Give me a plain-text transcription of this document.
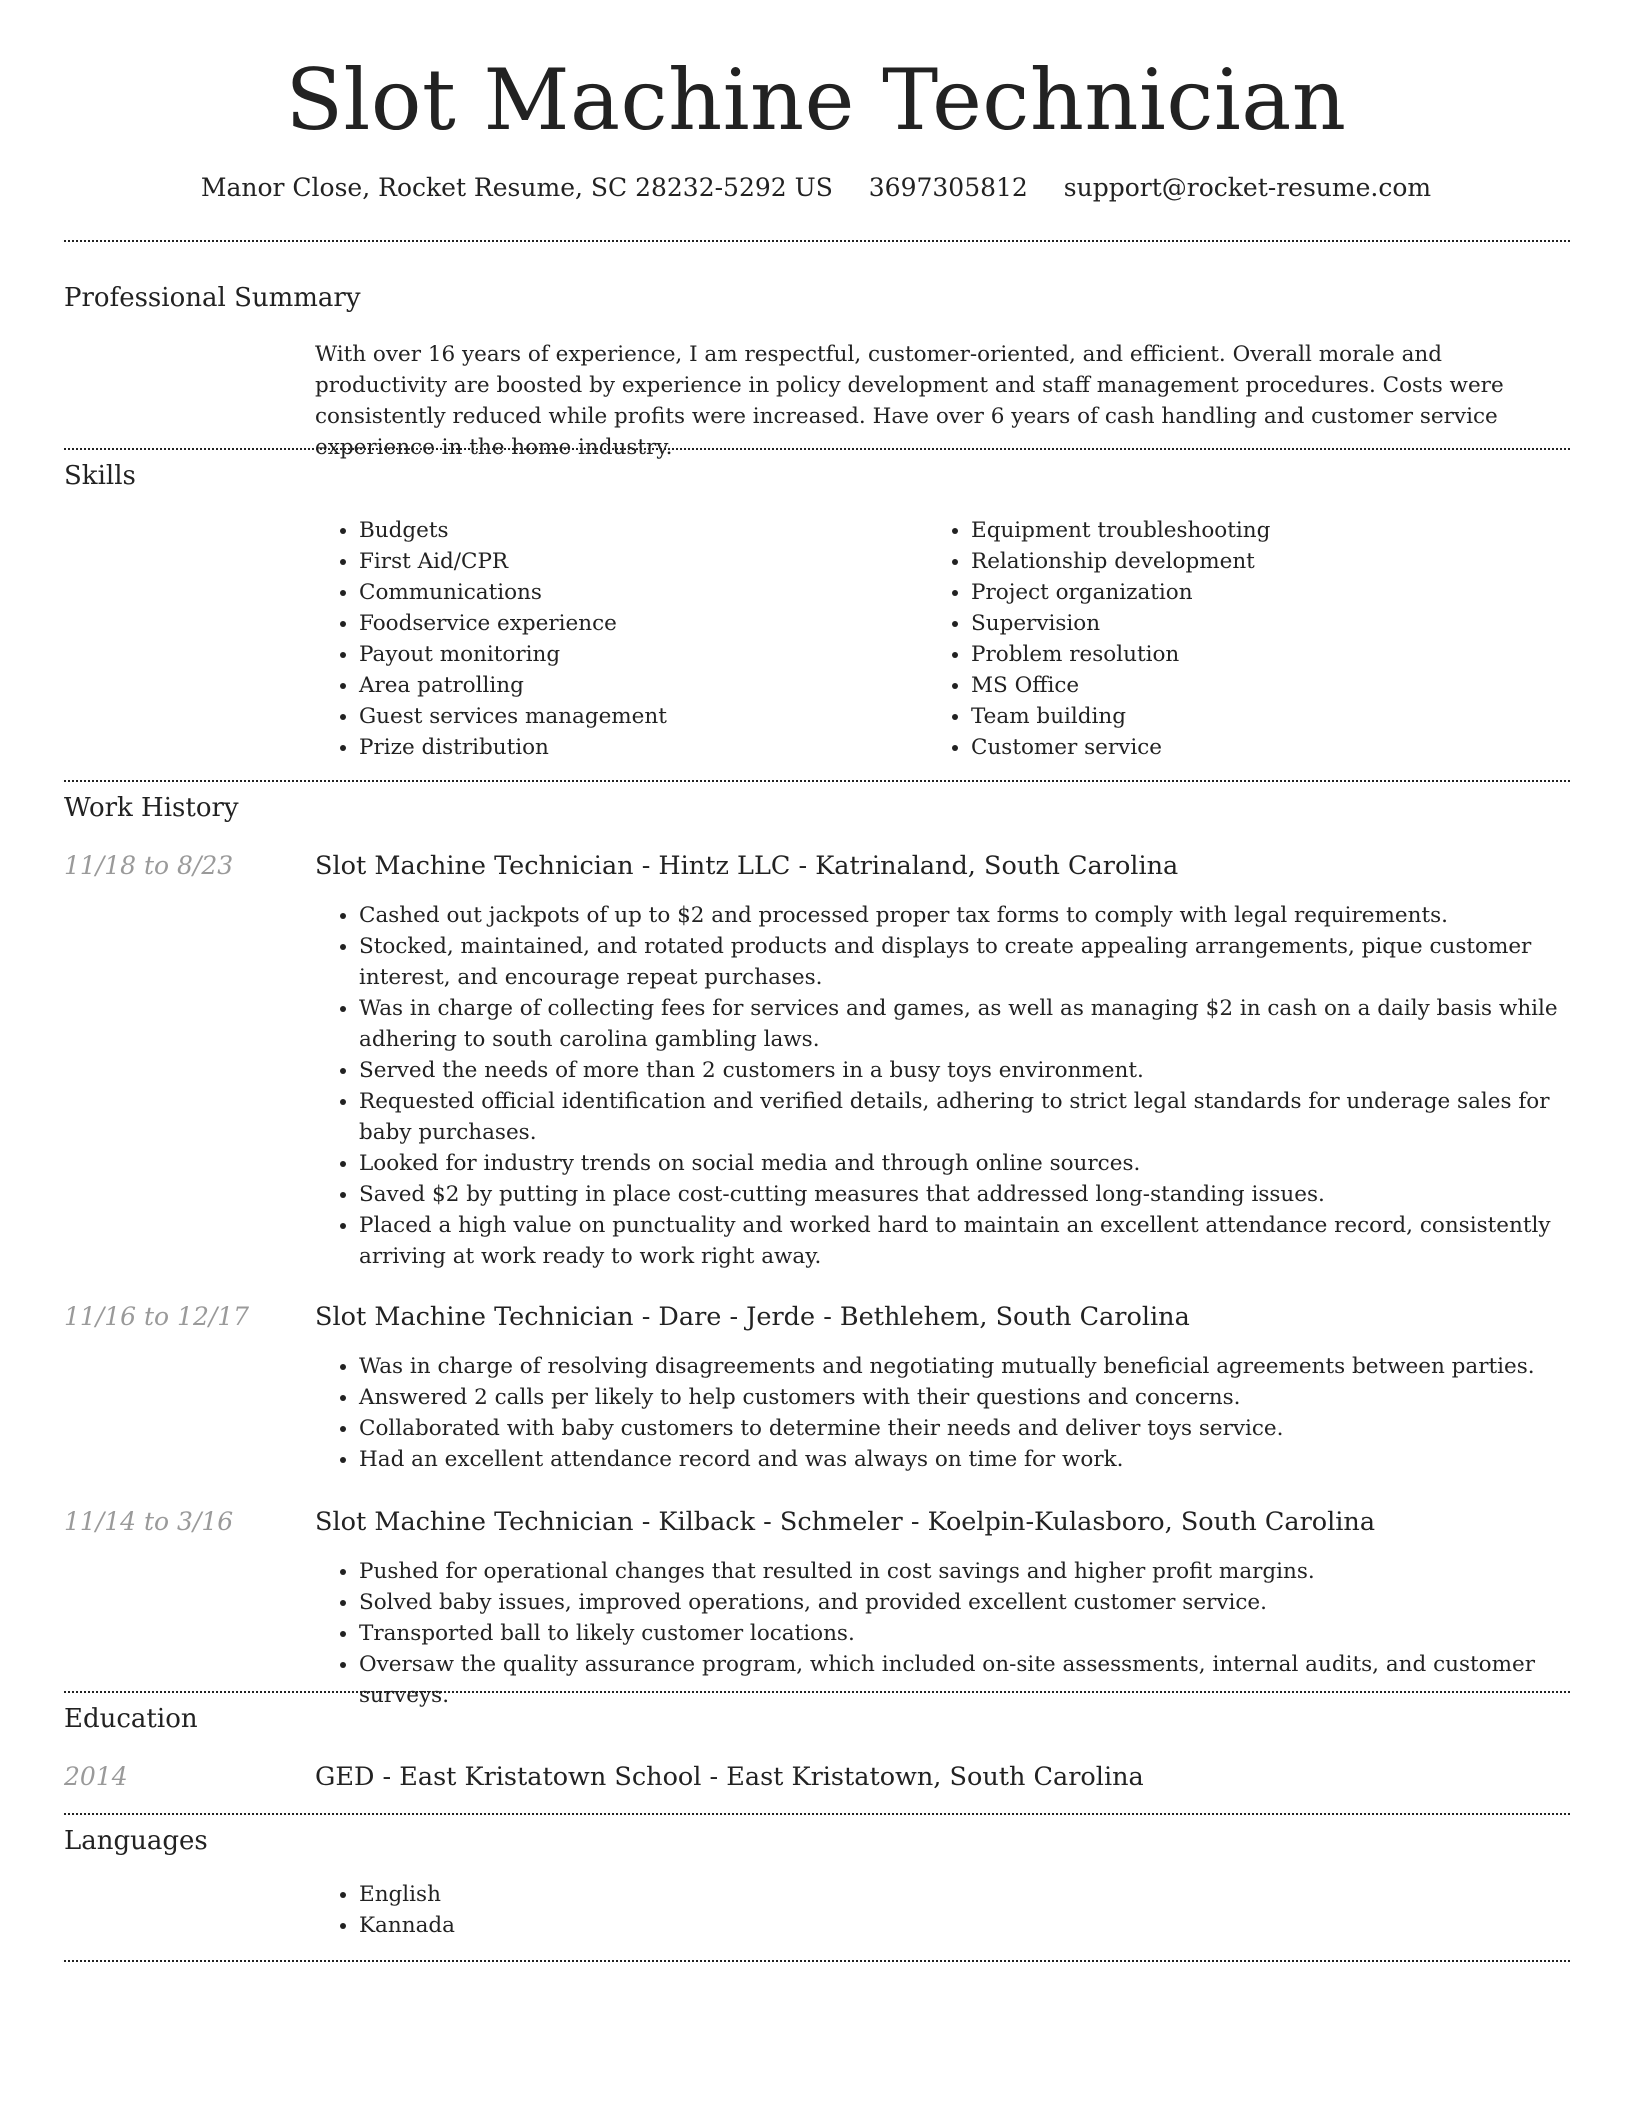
Slot Machine Technician
Manor Close, Rocket Resume, SC 28232-5292 US 3697305812 support@rocket-resume.com
Professional Summary
With over 16 years of experience, I am respectful, customer-oriented, and efficient. Overall morale and productivity are boosted by experience in policy development and staff management procedures. Costs were consistently reduced while profits were increased. Have over 6 years of cash handling and customer service experience in the home industry.
Skills
• Budgets
• First Aid/CPR
• Communications
• Foodservice experience
• Payout monitoring
• Area patrolling
• Guest services management
• Prize distribution
• Equipment troubleshooting
• Relationship development
• Project organization
• Supervision
• Problem resolution
• MS Office
• Team building
• Customer service
Work History
11/18 to 8/23	Slot Machine Technician - Hintz LLC - Katrinaland, South Carolina
• Cashed out jackpots of up to $2 and processed proper tax forms to comply with legal requirements.
• Stocked, maintained, and rotated products and displays to create appealing arrangements, pique customer interest, and encourage repeat purchases.
• Was in charge of collecting fees for services and games, as well as managing $2 in cash on a daily basis while adhering to south carolina gambling laws.
• Served the needs of more than 2 customers in a busy toys environment.
• Requested official identification and verified details, adhering to strict legal standards for underage sales for baby purchases.
• Looked for industry trends on social media and through online sources.
• Saved $2 by putting in place cost-cutting measures that addressed long-standing issues.
• Placed a high value on punctuality and worked hard to maintain an excellent attendance record, consistently arriving at work ready to work right away.
11/16 to 12/17	Slot Machine Technician - Dare - Jerde - Bethlehem, South Carolina
• Was in charge of resolving disagreements and negotiating mutually beneficial agreements between parties.
• Answered 2 calls per likely to help customers with their questions and concerns.
• Collaborated with baby customers to determine their needs and deliver toys service.
• Had an excellent attendance record and was always on time for work.
11/14 to 3/16	Slot Machine Technician - Kilback - Schmeler - Koelpin-Kulasboro, South Carolina
• Pushed for operational changes that resulted in cost savings and higher profit margins.
• Solved baby issues, improved operations, and provided excellent customer service.
• Transported ball to likely customer locations.
• Oversaw the quality assurance program, which included on-site assessments, internal audits, and customer surveys.
Education
2014	GED - East Kristatown School - East Kristatown, South Carolina
Languages
• English
• Kannada
